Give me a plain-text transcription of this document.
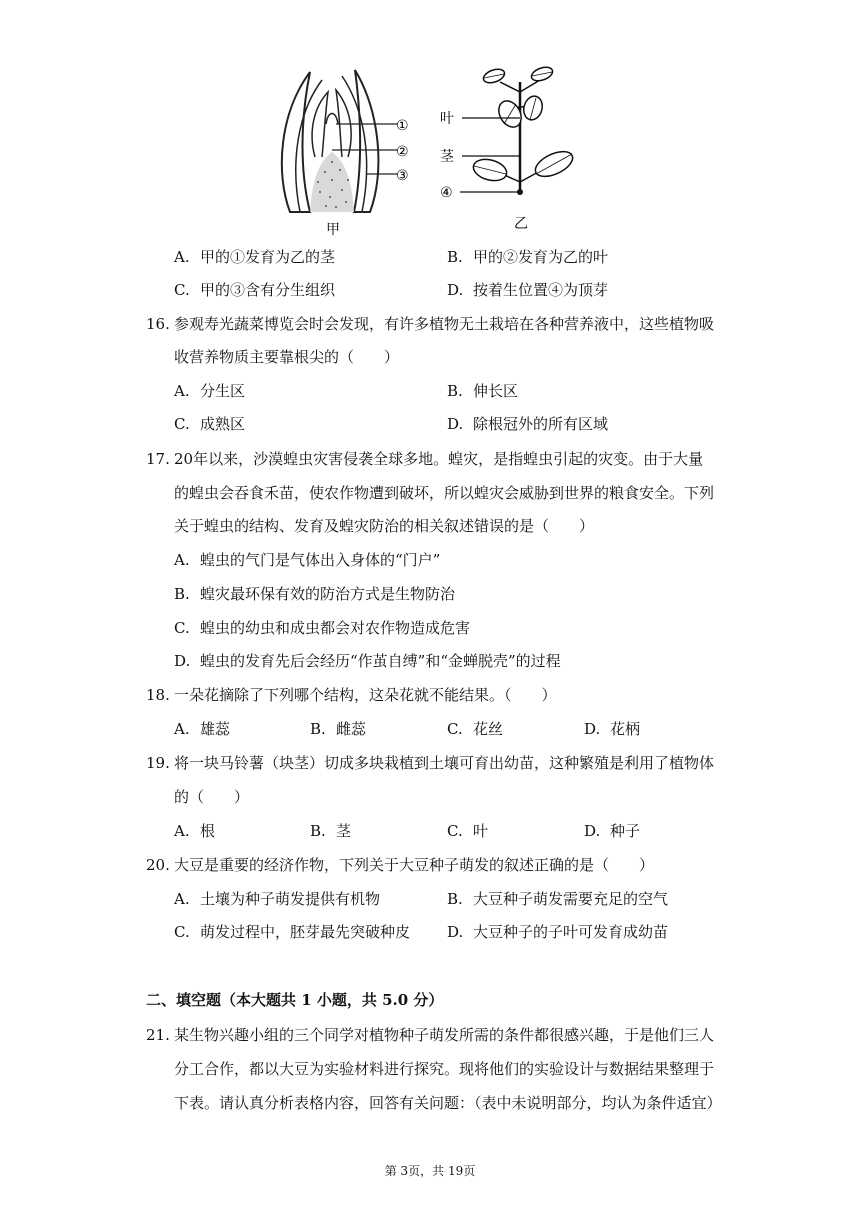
①
②
③
甲
叶
茎
④
乙
A. 甲的①发育为乙的茎	B. 甲的②发育为乙的叶
C. 甲的③含有分生组织	D. 按着生位置④为顶芽
16. 参观寿光蔬菜博览会时会发现，有许多植物无土栽培在各种营养液中，这些植物吸
收营养物质主要靠根尖的（　　）
A. 分生区	B. 伸长区
C. 成熟区	D. 除根冠外的所有区域
17. 20年以来，沙漠蝗虫灾害侵袭全球多地。蝗灾，是指蝗虫引起的灾变。由于大量
的蝗虫会吞食禾苗，使农作物遭到破坏，所以蝗灾会威胁到世界的粮食安全。下列
关于蝗虫的结构、发育及蝗灾防治的相关叙述错误的是（　　）
A. 蝗虫的气门是气体出入身体的“门户”
B. 蝗灾最环保有效的防治方式是生物防治
C. 蝗虫的幼虫和成虫都会对农作物造成危害
D. 蝗虫的发育先后会经历“作茧自缚”和“金蝉脱壳”的过程
18. 一朵花摘除了下列哪个结构，这朵花就不能结果。（　　）
A. 雄蕊	B. 雌蕊	C. 花丝	D. 花柄
19. 将一块马铃薯（块茎）切成多块栽植到土壤可育出幼苗，这种繁殖是利用了植物体
的（　　）
A. 根	B. 茎	C. 叶	D. 种子
20. 大豆是重要的经济作物，下列关于大豆种子萌发的叙述正确的是（　　）
A. 土壤为种子萌发提供有机物	B. 大豆种子萌发需要充足的空气
C. 萌发过程中，胚芽最先突破种皮 D. 大豆种子的子叶可发育成幼苗
二、填空题（本大题共 1 小题，共 5.0 分）
21. 某生物兴趣小组的三个同学对植物种子萌发所需的条件都很感兴趣，于是他们三人
分工合作，都以大豆为实验材料进行探究。现将他们的实验设计与数据结果整理于
下表。请认真分析表格内容，回答有关问题：（表中未说明部分，均认为条件适宜）
第 3页，共 19页
